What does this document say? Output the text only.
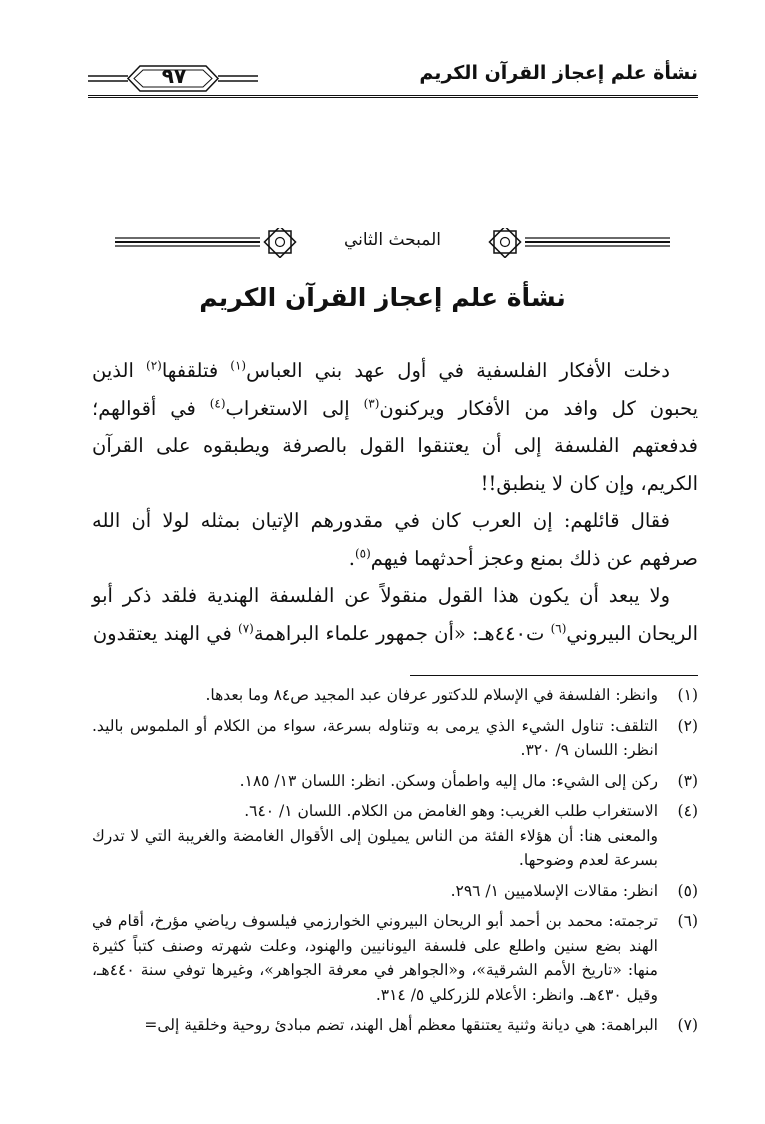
نشأة علم إعجاز القرآن الكريم
٩٧
المبحث الثاني
نشأة علم إعجاز القرآن الكريم

دخلت الأفكار الفلسفية في أول عهد بني العباس$^{(١)}$ فتلقفها$^{(٢)}$ الذين يحبون كل وافد من الأفكار ويركنون$^{(٣)}$ إلى الاستغراب$^{(٤)}$ في أقوالهم؛ فدفعتهم الفلسفة إلى أن يعتنقوا القول بالصرفة ويطبقوه على القرآن الكريم، وإن كان لا ينطبق!!

فقال قائلهم: إن العرب كان في مقدورهم الإتيان بمثله لولا أن الله صرفهم عن ذلك بمنع وعجز أحدثهما فيهم$^{(٥)}$.

ولا يبعد أن يكون هذا القول منقولاً عن الفلسفة الهندية فلقد ذكر أبو الريحان البيروني$^{(٦)}$ ت٤٤٠هـ: «أن جمهور علماء البراهمة$^{(٧)}$ في الهند يعتقدون

(١)
وانظر: الفلسفة في الإسلام للدكتور عرفان عبد المجيد ص٨٤ وما بعدها.
(٢)
التلقف: تناول الشيء الذي يرمى به وتناوله بسرعة، سواء من الكلام أو الملموس باليد. انظر: اللسان ٩/ ٣٢٠.
(٣)
ركن إلى الشيء: مال إليه واطمأن وسكن. انظر: اللسان ١٣/ ١٨٥.
(٤)
الاستغراب طلب الغريب: وهو الغامض من الكلام. اللسان ١/ ٦٤٠.
والمعنى هنا: أن هؤلاء الفئة من الناس يميلون إلى الأقوال الغامضة والغريبة التي لا تدرك بسرعة لعدم وضوحها.
(٥)
انظر: مقالات الإسلاميين ١/ ٢٩٦.
(٦)
ترجمته: محمد بن أحمد أبو الريحان البيروني الخوارزمي فيلسوف رياضي مؤرخ، أقام في الهند بضع سنين واطلع على فلسفة اليونانيين والهنود، وعلت شهرته وصنف كتباً كثيرة منها: «تاريخ الأمم الشرقية»، و«الجواهر في معرفة الجواهر»، وغيرها توفي سنة ٤٤٠هـ، وقيل ٤٣٠هـ. وانظر: الأعلام للزركلي ٥/ ٣١٤.
(٧)
البراهمة: هي ديانة وثنية يعتنقها معظم أهل الهند، تضم مبادئ روحية وخلقية إلى=
